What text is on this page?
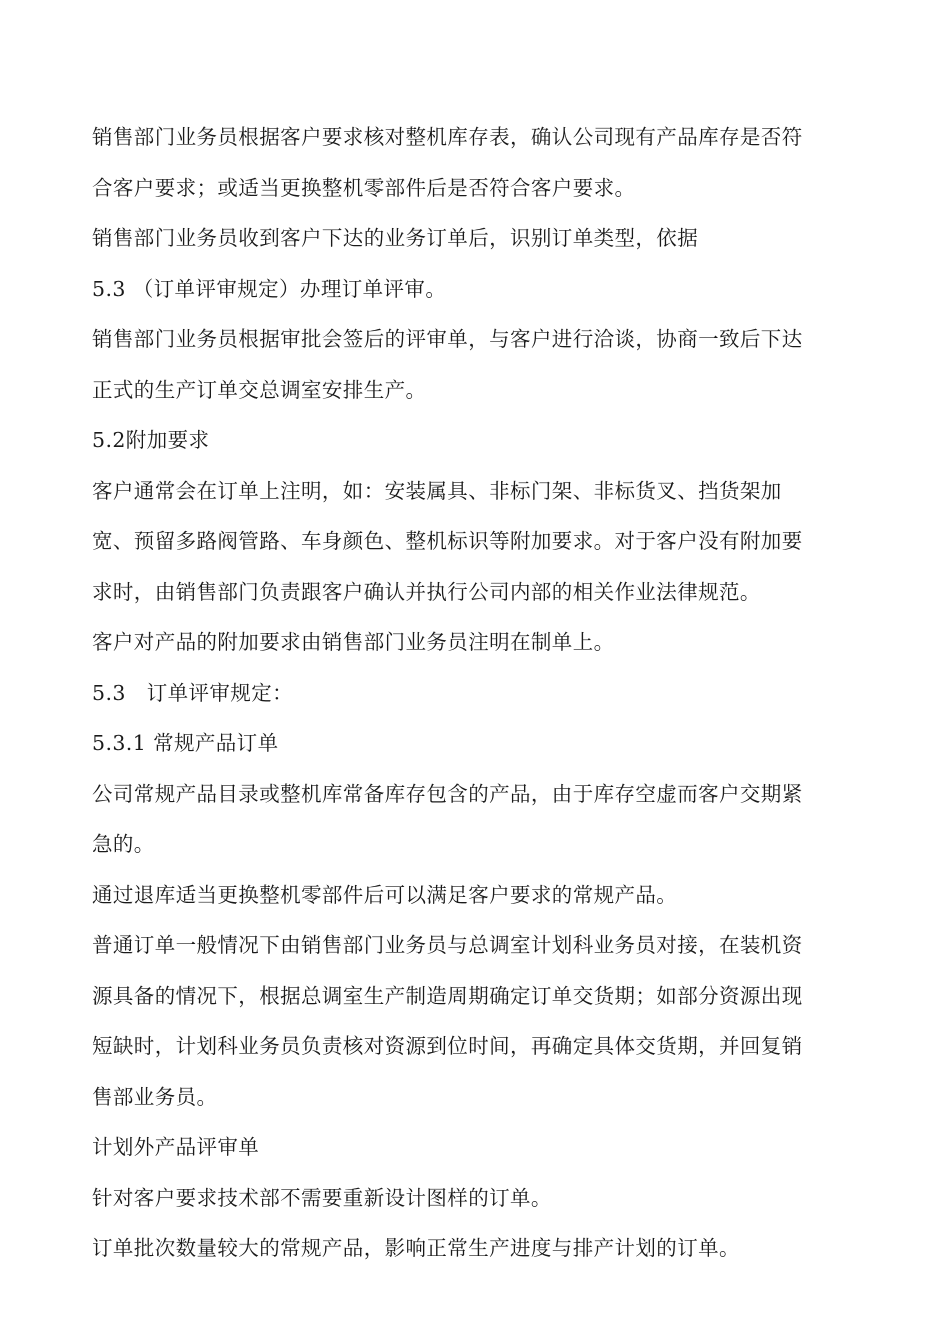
销售部门业务员根据客户要求核对整机库存表，确认公司现有产品库存是否符
合客户要求；或适当更换整机零部件后是否符合客户要求。
销售部门业务员收到客户下达的业务订单后，识别订单类型，依据
5.3 （订单评审规定）办理订单评审。
销售部门业务员根据审批会签后的评审单，与客户进行洽谈，协商一致后下达
正式的生产订单交总调室安排生产。
5.2附加要求
客户通常会在订单上注明，如：安装属具、非标门架、非标货叉、挡货架加
宽、预留多路阀管路、车身颜色、整机标识等附加要求。对于客户没有附加要
求时，由销售部门负责跟客户确认并执行公司内部的相关作业法律规范。
客户对产品的附加要求由销售部门业务员注明在制单上。
5.3　订单评审规定：
5.3.1 常规产品订单
公司常规产品目录或整机库常备库存包含的产品，由于库存空虚而客户交期紧
急的。
通过退库适当更换整机零部件后可以满足客户要求的常规产品。
普通订单一般情况下由销售部门业务员与总调室计划科业务员对接，在装机资
源具备的情况下，根据总调室生产制造周期确定订单交货期；如部分资源出现
短缺时，计划科业务员负责核对资源到位时间，再确定具体交货期，并回复销
售部业务员。
计划外产品评审单
针对客户要求技术部不需要重新设计图样的订单。
订单批次数量较大的常规产品，影响正常生产进度与排产计划的订单。
